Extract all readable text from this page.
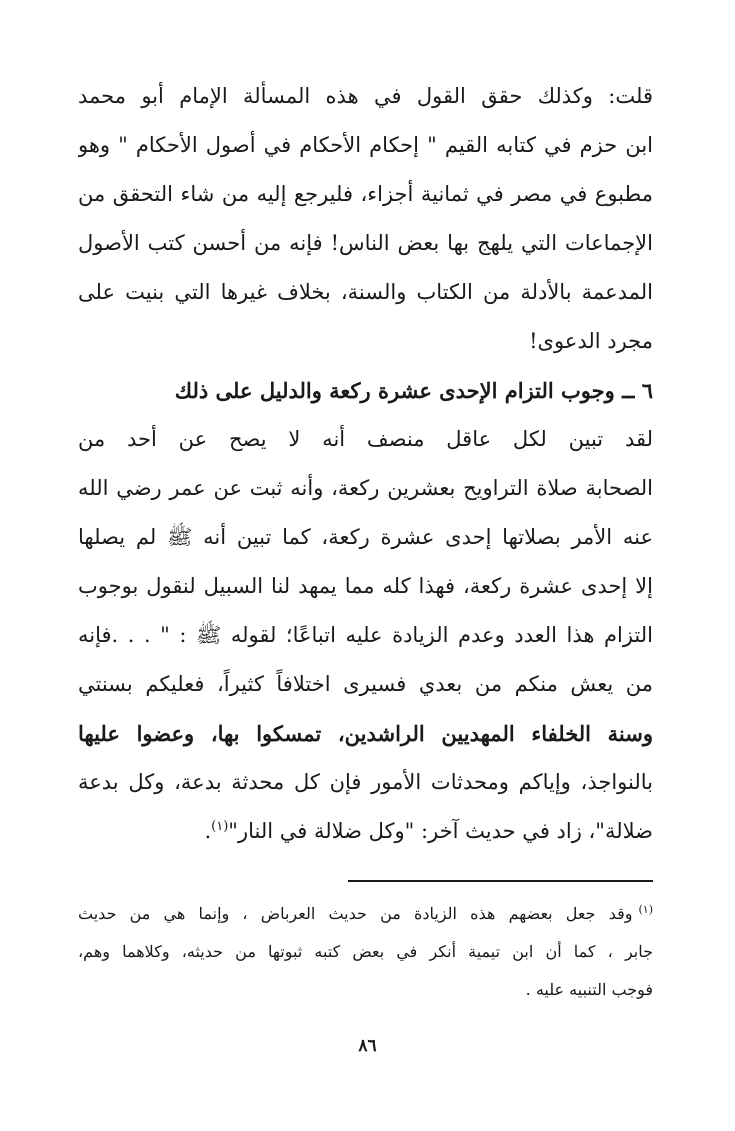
قلت: وكذلك حقق القول في هذه المسألة الإمام أبو محمد
ابن حزم في كتابه القيم " إحكام الأحكام في أصول الأحكام " وهو
مطبوع في مصر في ثمانية أجزاء، فليرجع إليه من شاء التحقق من
الإجماعات التي يلهج بها بعض الناس! فإنه من أحسن كتب الأصول
المدعمة بالأدلة من الكتاب والسنة، بخلاف غيرها التي بنيت على
مجرد الدعوى!
٦ ــ وجوب التزام الإحدى عشرة ركعة والدليل على ذلك
لقد تبين لكل عاقل منصف أنه لا يصح عن أحد من
الصحابة صلاة التراويح بعشرين ركعة، وأنه ثبت عن عمر رضي الله
عنه الأمر بصلاتها إحدى عشرة ركعة، كما تبين أنه ﷺ لم يصلها
إلا إحدى عشرة ركعة، فهذا كله مما يمهد لنا السبيل لنقول بوجوب
التزام هذا العدد وعدم الزيادة عليه اتباعًا؛ لقوله ﷺ : " . . .فإنه
من يعش منكم من بعدي فسيرى اختلافاً كثيراً، فعليكم بسنتي
وسنة الخلفاء المهديين الراشدين، تمسكوا بها، وعضوا عليها
بالنواجذ، وإياكم ومحدثات الأمور فإن كل محدثة بدعة، وكل بدعة
ضلالة"، زاد في حديث آخر: "وكل ضلالة في النار"$^{(١)}$.
$^{(١)}$وقد جعل بعضهم هذه الزيادة من حديث العرباض ، وإنما هي من حديث
جابر ، كما أن ابن تيمية أنكر في بعض كتبه ثبوتها من حديثه، وكلاهما وهم،
فوجب التنبيه عليه .
٨٦
